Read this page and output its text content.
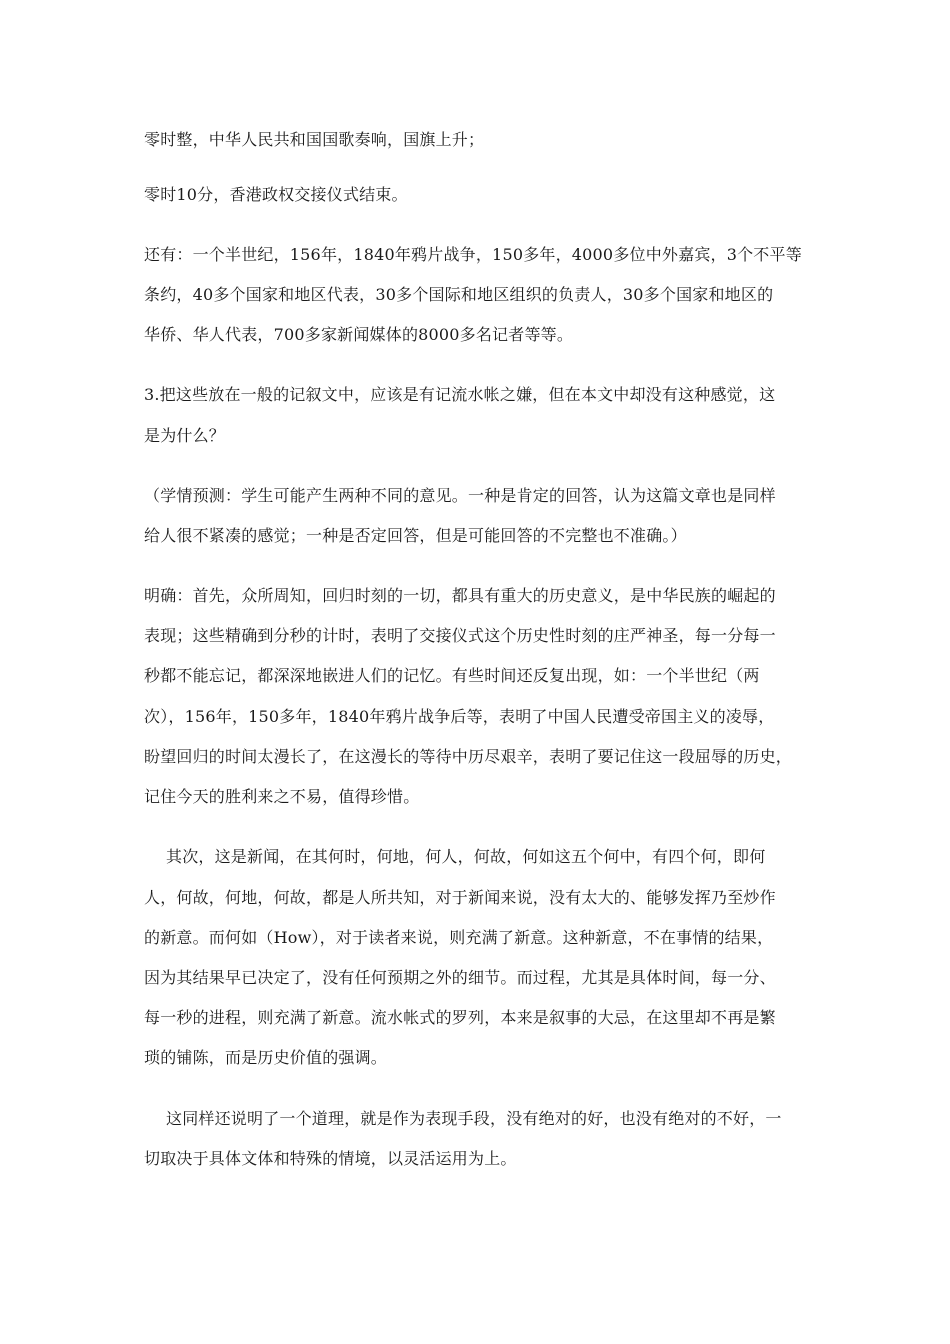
零时整，中华人民共和国国歌奏响，国旗上升；
零时10分，香港政权交接仪式结束。
还有：一个半世纪，156年，1840年鸦片战争，150多年，4000多位中外嘉宾，3个不平等
条约，40多个国家和地区代表，30多个国际和地区组织的负责人，30多个国家和地区的
华侨、华人代表，700多家新闻媒体的8000多名记者等等。
3.把这些放在一般的记叙文中，应该是有记流水帐之嫌，但在本文中却没有这种感觉，这
是为什么？
（学情预测：学生可能产生两种不同的意见。一种是肯定的回答，认为这篇文章也是同样
给人很不紧凑的感觉；一种是否定回答，但是可能回答的不完整也不准确。）
明确：首先，众所周知，回归时刻的一切，都具有重大的历史意义，是中华民族的崛起的
表现；这些精确到分秒的计时，表明了交接仪式这个历史性时刻的庄严神圣，每一分每一
秒都不能忘记，都深深地嵌进人们的记忆。有些时间还反复出现，如：一个半世纪（两
次），156年，150多年，1840年鸦片战争后等，表明了中国人民遭受帝国主义的凌辱，
盼望回归的时间太漫长了，在这漫长的等待中历尽艰辛，表明了要记住这一段屈辱的历史，
记住今天的胜利来之不易，值得珍惜。
其次，这是新闻，在其何时，何地，何人，何故，何如这五个何中，有四个何，即何
人，何故，何地，何故，都是人所共知，对于新闻来说，没有太大的、能够发挥乃至炒作
的新意。而何如（How），对于读者来说，则充满了新意。这种新意，不在事情的结果，
因为其结果早已决定了，没有任何预期之外的细节。而过程，尤其是具体时间，每一分、
每一秒的进程，则充满了新意。流水帐式的罗列，本来是叙事的大忌，在这里却不再是繁
琐的铺陈，而是历史价值的强调。
这同样还说明了一个道理，就是作为表现手段，没有绝对的好，也没有绝对的不好，一
切取决于具体文体和特殊的情境，以灵活运用为上。
